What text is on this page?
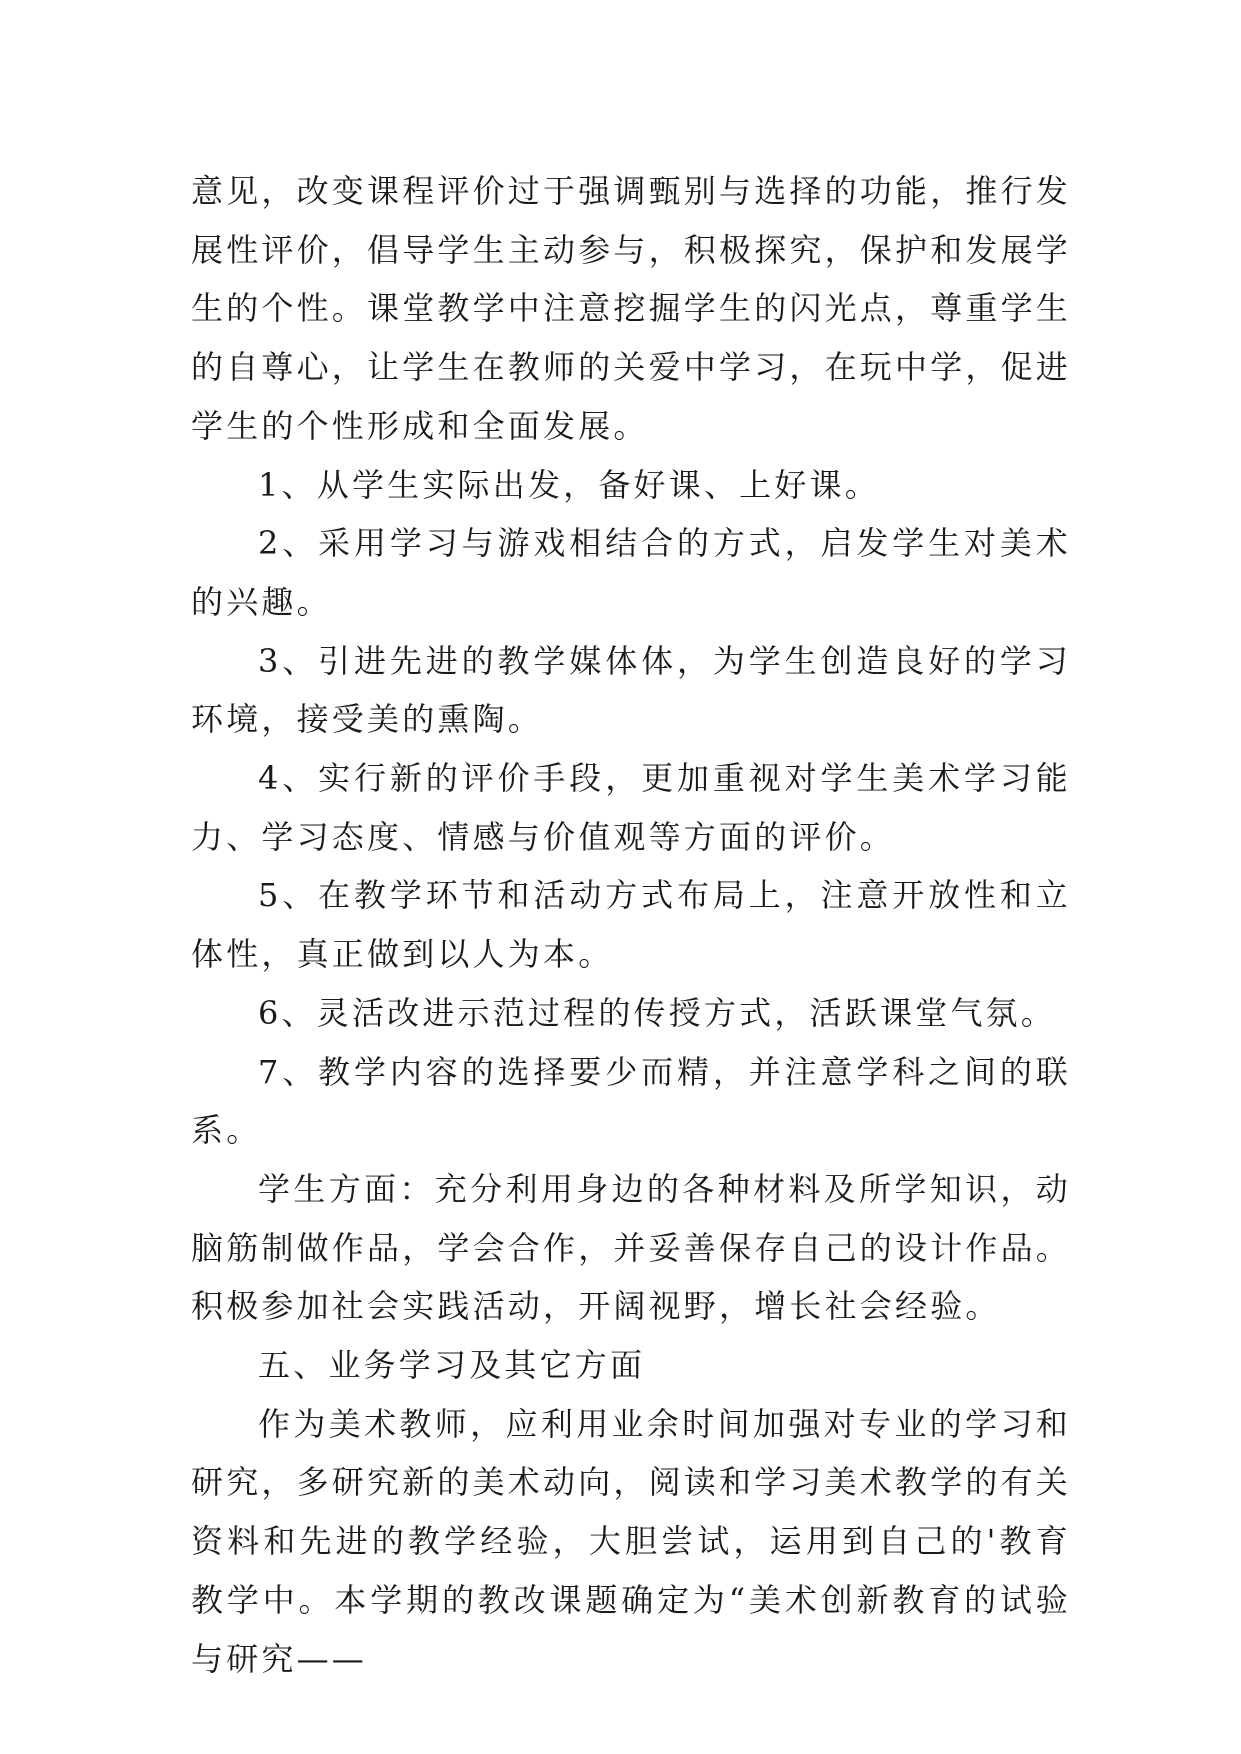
意见，改变课程评价过于强调甄别与选择的功能，推行发展性评价，倡导学生主动参与，积极探究，保护和发展学生的个性。课堂教学中注意挖掘学生的闪光点，尊重学生的自尊心，让学生在教师的关爱中学习，在玩中学，促进学生的个性形成和全面发展。

1、从学生实际出发，备好课、上好课。

2、采用学习与游戏相结合的方式，启发学生对美术的兴趣。

3、引进先进的教学媒体体，为学生创造良好的学习环境，接受美的熏陶。

4、实行新的评价手段，更加重视对学生美术学习能力、学习态度、情感与价值观等方面的评价。

5、在教学环节和活动方式布局上，注意开放性和立体性，真正做到以人为本。

6、灵活改进示范过程的传授方式，活跃课堂气氛。

7、教学内容的选择要少而精，并注意学科之间的联系。

学生方面：充分利用身边的各种材料及所学知识，动脑筋制做作品，学会合作，并妥善保存自己的设计作品。积极参加社会实践活动，开阔视野，增长社会经验。

五、业务学习及其它方面

作为美术教师，应利用业余时间加强对专业的学习和研究，多研究新的美术动向，阅读和学习美术教学的有关资料和先进的教学经验，大胆尝试，运用到自己的'教育教学中。本学期的教改课题确定为“美术创新教育的试验与研究——
